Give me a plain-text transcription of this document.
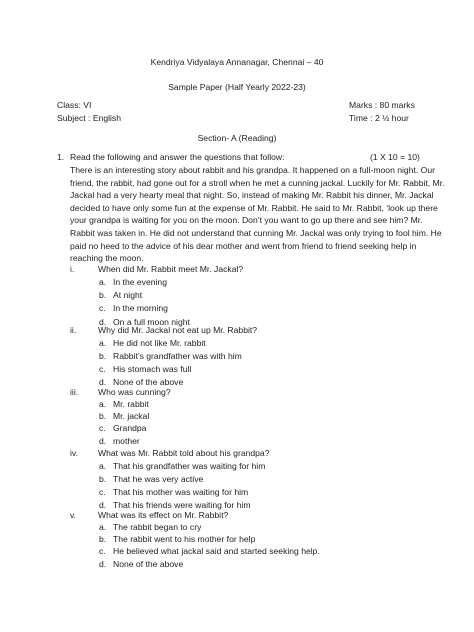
Kendriya Vidyalaya Annanagar, Chennai – 40
Sample Paper (Half Yearly 2022-23)
Class: VI
Subject : English
Marks : 80 marks
Time : 2 ½ hour
Section- A (Reading)
1. Read the following and answer the questions that follow:	(1 X 10 = 10)
There is an interesting story about rabbit and his grandpa. It happened on a full-moon night. Our
friend, the rabbit, had gone out for a stroll when he met a cunning jackal. Luckily for Mr. Rabbit, Mr.
Jackal had a very hearty meal that night. So, instead of making Mr. Rabbit his dinner, Mr. Jackal
decided to have only some fun at the expense of Mr. Rabbit. He said to Mr. Rabbit, ‘look up there
your grandpa is waiting for you on the moon. Don’t you want to go up there and see him? Mr.
Rabbit was taken in. He did not understand that cunning Mr. Jackal was only trying to fool him. He
paid no heed to the advice of his dear mother and went from friend to friend seeking help in
reaching the moon.
i.	When did Mr. Rabbit meet Mr. Jackal?
a. In the evening
b. At night
c. In the morning
d. On a full moon night
ii.	Why did Mr. Jackal not eat up Mr. Rabbit?
a. He did not like Mr. rabbit
b. Rabbit’s grandfather was with him
c. His stomach was full
d. None of the above
iii.	Who was cunning?
a. Mr. rabbit
b. Mr. jackal
c. Grandpa
d. mother
iv.	What was Mr. Rabbit told about his grandpa?
a. That his grandfather was waiting for him
b. That he was very active
c. That his mother was waiting for him
d. That his friends were waiting for him
v.	What was its effect on Mr. Rabbit?
a. The rabbit began to cry
b. The rabbit went to his mother for help
c. He believed what jackal said and started seeking help.
d. None of the above
